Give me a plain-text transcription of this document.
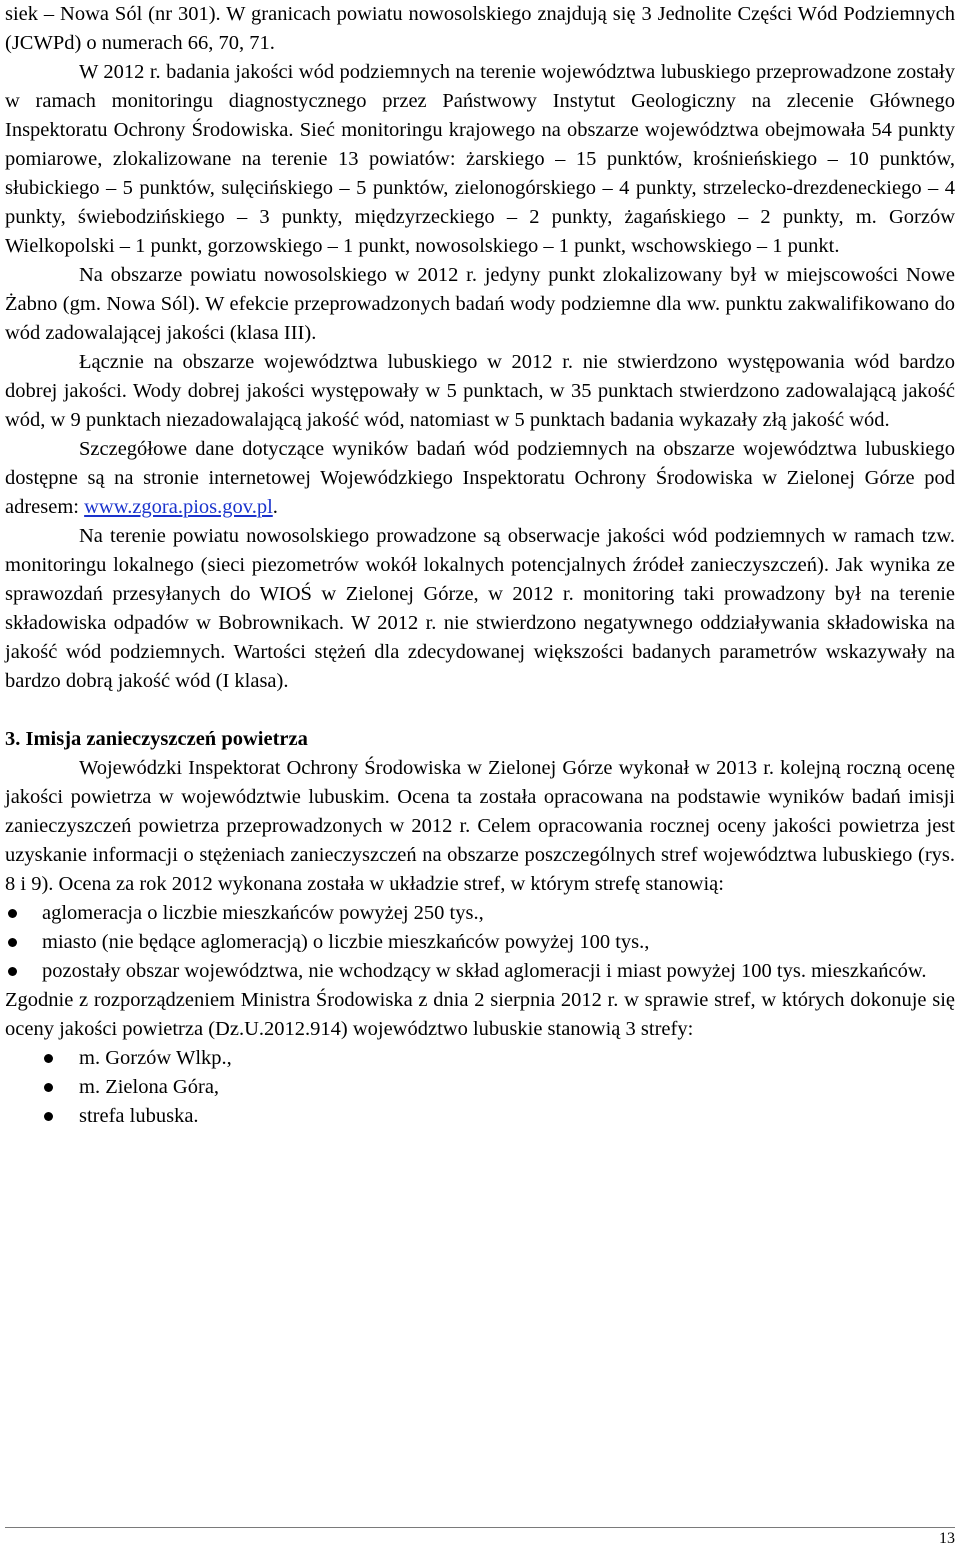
siek – Nowa Sól (nr 301). W granicach powiatu nowosolskiego znajdują się 3 Jednolite Części Wód Podziemnych (JCWPd) o numerach 66, 70, 71.

W 2012 r. badania jakości wód podziemnych na terenie województwa lubuskiego przeprowadzone zostały w ramach monitoringu diagnostycznego przez Państwowy Instytut Geologiczny na zlecenie Głównego Inspektoratu Ochrony Środowiska. Sieć monitoringu krajowego na obszarze województwa obejmowała 54 punkty pomiarowe, zlokalizowane na terenie 13 powiatów: żarskiego – 15 punktów, krośnieńskiego – 10 punktów, słubickiego – 5 punktów, sulęcińskiego – 5 punktów, zielonogórskiego – 4 punkty, strzelecko-drezdeneckiego – 4 punkty, świebodzińskiego – 3 punkty, międzyrzeckiego – 2 punkty, żagańskiego – 2 punkty, m. Gorzów Wielkopolski – 1 punkt, gorzowskiego – 1 punkt, nowosolskiego – 1 punkt, wschowskiego – 1 punkt.

Na obszarze powiatu nowosolskiego w 2012 r. jedyny punkt zlokalizowany był w miejscowości Nowe Żabno (gm. Nowa Sól). W efekcie przeprowadzonych badań wody podziemne dla ww. punktu zakwalifikowano do wód zadowalającej jakości (klasa III).

Łącznie na obszarze województwa lubuskiego w 2012 r. nie stwierdzono występowania wód bardzo dobrej jakości. Wody dobrej jakości występowały w 5 punktach, w 35 punktach stwierdzono zadowalającą jakość wód, w 9 punktach niezadowalającą jakość wód, natomiast w 5 punktach badania wykazały złą jakość wód.

Szczegółowe dane dotyczące wyników badań wód podziemnych na obszarze województwa lubuskiego dostępne są na stronie internetowej Wojewódzkiego Inspektoratu Ochrony Środowiska w Zielonej Górze pod adresem: www.zgora.pios.gov.pl.

Na terenie powiatu nowosolskiego prowadzone są obserwacje jakości wód podziemnych w ramach tzw. monitoringu lokalnego (sieci piezometrów wokół lokalnych potencjalnych źródeł zanieczyszczeń). Jak wynika ze sprawozdań przesyłanych do WIOŚ w Zielonej Górze, w 2012 r. monitoring taki prowadzony był na terenie składowiska odpadów w Bobrownikach. W 2012 r. nie stwierdzono negatywnego oddziaływania składowiska na jakość wód podziemnych. Wartości stężeń dla zdecydowanej większości badanych parametrów wskazywały na bardzo dobrą jakość wód (I klasa).

3. Imisja zanieczyszczeń powietrza

Wojewódzki Inspektorat Ochrony Środowiska w Zielonej Górze wykonał w 2013 r. kolejną roczną ocenę jakości powietrza w województwie lubuskim. Ocena ta została opracowana na podstawie wyników badań imisji zanieczyszczeń powietrza przeprowadzonych w 2012 r. Celem opracowania rocznej oceny jakości powietrza jest uzyskanie informacji o stężeniach zanieczyszczeń na obszarze poszczególnych stref województwa lubuskiego (rys. 8 i 9). Ocena za rok 2012 wykonana została w układzie stref, w którym strefę stanowią:

aglomeracja o liczbie mieszkańców powyżej 250 tys.,
miasto (nie będące aglomeracją) o liczbie mieszkańców powyżej 100 tys.,
pozostały obszar województwa, nie wchodzący w skład aglomeracji i miast powyżej 100 tys. mieszkańców.

Zgodnie z rozporządzeniem Ministra Środowiska z dnia 2 sierpnia 2012 r. w sprawie stref, w których dokonuje się oceny jakości powietrza (Dz.U.2012.914) województwo lubuskie stanowią 3 strefy:

m. Gorzów Wlkp.,
m. Zielona Góra,
strefa lubuska.
13
